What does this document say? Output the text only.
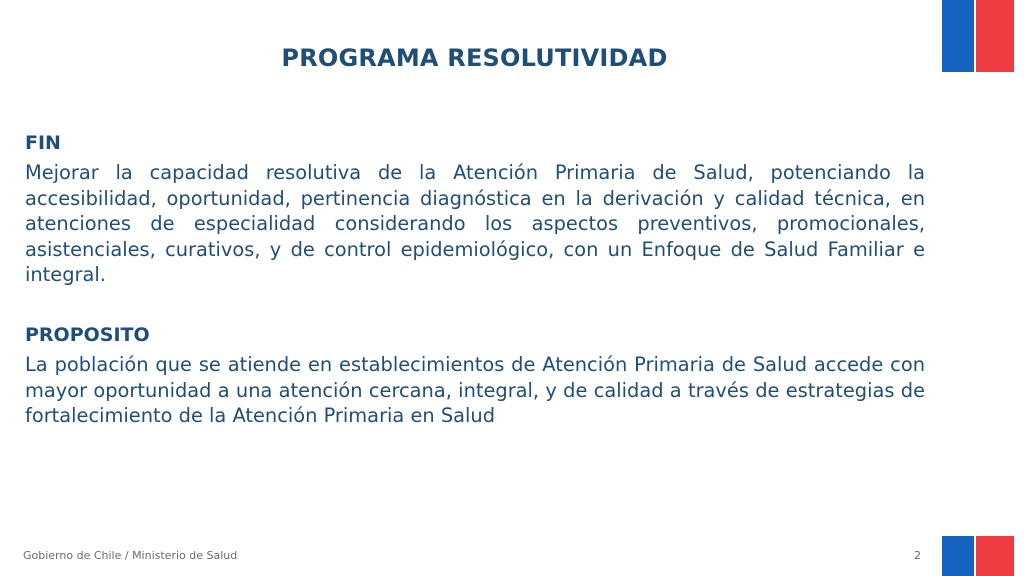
PROGRAMA RESOLUTIVIDAD

FIN

Mejorar la capacidad resolutiva de la Atención Primaria de Salud, potenciando la accesibilidad, oportunidad, pertinencia diagnóstica en la derivación y calidad técnica, en atenciones de especialidad considerando los aspectos preventivos, promocionales, asistenciales, curativos, y de control epidemiológico, con un Enfoque de Salud Familiar e integral.

PROPOSITO

La población que se atiende en establecimientos de Atención Primaria de Salud accede con mayor oportunidad a una atención cercana, integral, y de calidad a través de estrategias de fortalecimiento de la Atención Primaria en Salud

Gobierno de Chile / Ministerio de Salud	2
